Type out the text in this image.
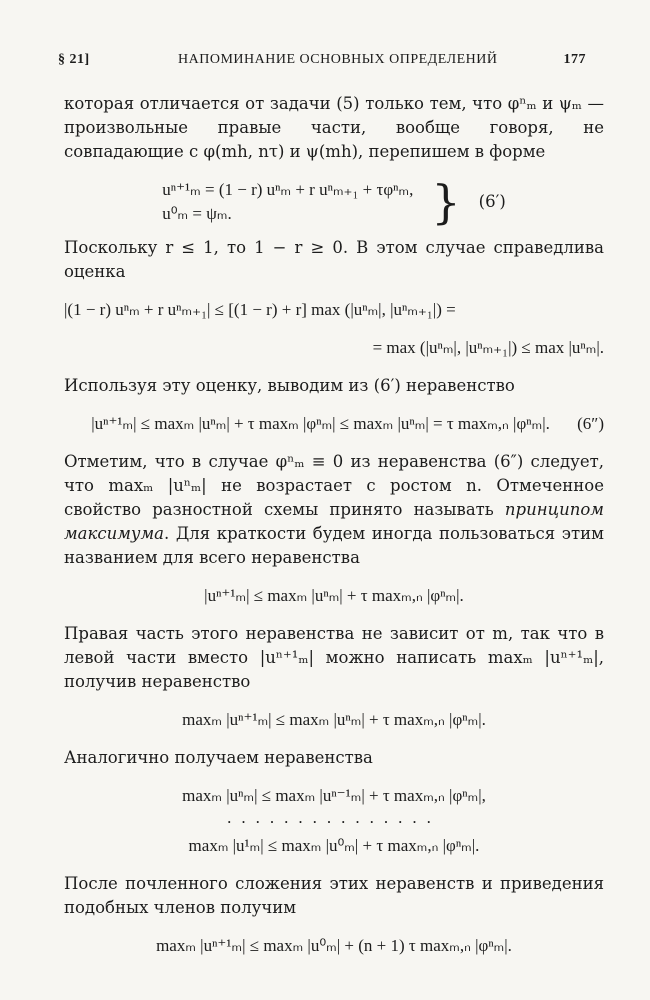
§ 21]	НАПОМИНАНИЕ ОСНОВНЫХ ОПРЕДЕЛЕНИЙ	177

которая отличается от задачи (5) только тем, что φⁿₘ и ψₘ — произвольные правые части, вообще говоря, не совпадающие с φ(mh, nτ) и ψ(mh), перепишем в форме

uⁿ⁺¹ₘ = (1 − r) uⁿₘ + r uⁿₘ₊₁ + τφⁿₘ,
u⁰ₘ = ψₘ.	} (6′)

Поскольку r ≤ 1, то 1 − r ≥ 0. В этом случае справедлива оценка

|(1 − r) uⁿₘ + r uⁿₘ₊₁| ≤ [(1 − r) + r] max (|uⁿₘ|, |uⁿₘ₊₁|) =
= max (|uⁿₘ|, |uⁿₘ₊₁|) ≤ max |uⁿₘ|.

Используя эту оценку, выводим из (6′) неравенство

|uⁿ⁺¹ₘ| ≤ maxₘ |uⁿₘ| + τ maxₘ |φⁿₘ| ≤ maxₘ |uⁿₘ| = τ maxₘ,ₙ |φⁿₘ|. (6″)

Отметим, что в случае φⁿₘ ≡ 0 из неравенства (6″) следует, что maxₘ |uⁿₘ| не возрастает с ростом n. Отмеченное свойство разностной схемы принято называть принципом максимума. Для краткости будем иногда пользоваться этим названием для всего неравенства

|uⁿ⁺¹ₘ| ≤ maxₘ |uⁿₘ| + τ maxₘ,ₙ |φⁿₘ|.

Правая часть этого неравенства не зависит от m, так что в левой части вместо |uⁿ⁺¹ₘ| можно написать maxₘ |uⁿ⁺¹ₘ|, получив неравенство

maxₘ |uⁿ⁺¹ₘ| ≤ maxₘ |uⁿₘ| + τ maxₘ,ₙ |φⁿₘ|.

Аналогично получаем неравенства

maxₘ |uⁿₘ| ≤ maxₘ |uⁿ⁻¹ₘ| + τ maxₘ,ₙ |φⁿₘ|,
...............
maxₘ |u¹ₘ| ≤ maxₘ |u⁰ₘ| + τ maxₘ,ₙ |φⁿₘ|.

После почленного сложения этих неравенств и приведения подобных членов получим

maxₘ |uⁿ⁺¹ₘ| ≤ maxₘ |u⁰ₘ| + (n + 1) τ maxₘ,ₙ |φⁿₘ|.
